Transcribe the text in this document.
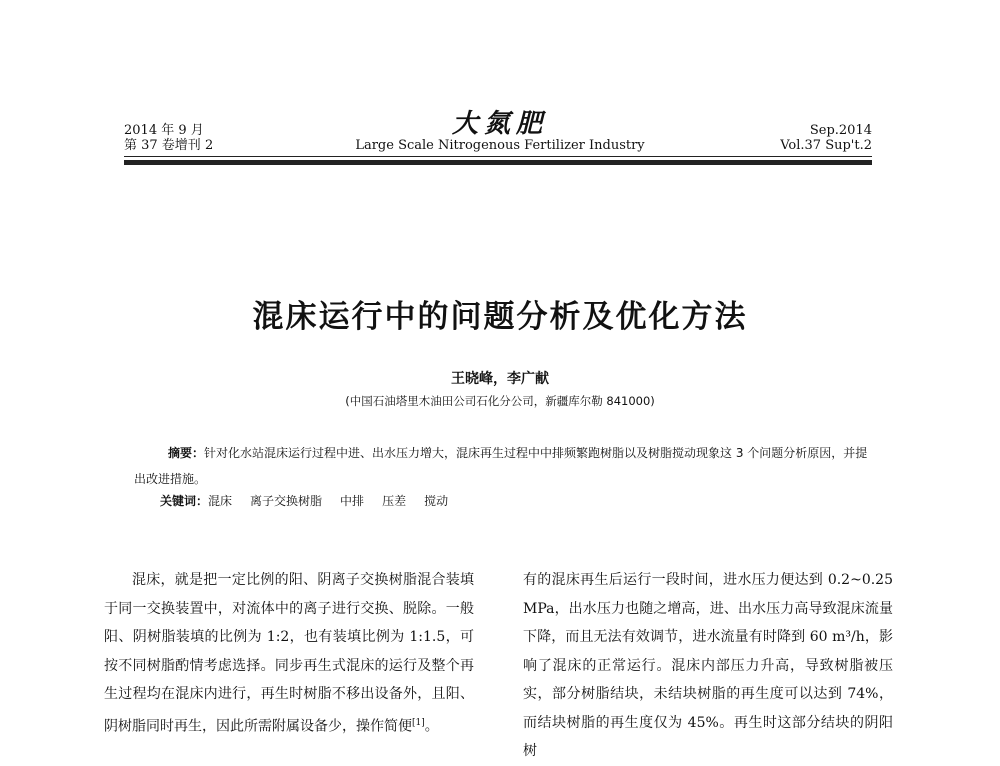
2014 年 9 月
第 37 卷增刊 2
大氮肥
Large Scale Nitrogenous Fertilizer Industry
Sep.2014
Vol.37 Sup't.2
混床运行中的问题分析及优化方法
王晓峰，李广献
(中国石油塔里木油田公司石化分公司，新疆库尔勒 841000)
摘要：针对化水站混床运行过程中进、出水压力增大，混床再生过程中中排频繁跑树脂以及树脂搅动现象这 3 个问题分析原因，并提出改进措施。
关键词：混床 离子交换树脂 中排 压差 搅动
混床，就是把一定比例的阳、阴离子交换树脂混合装填于同一交换装置中，对流体中的离子进行交换、脱除。一般阳、阴树脂装填的比例为 1:2，也有装填比例为 1:1.5，可按不同树脂酌情考虑选择。同步再生式混床的运行及整个再生过程均在混床内进行，再生时树脂不移出设备外，且阳、阴树脂同时再生，因此所需附属设备少，操作简便[1]。
有的混床再生后运行一段时间，进水压力便达到 0.2~0.25 MPa，出水压力也随之增高，进、出水压力高导致混床流量下降，而且无法有效调节，进水流量有时降到 60 m³/h，影响了混床的正常运行。混床内部压力升高，导致树脂被压实，部分树脂结块，未结块树脂的再生度可以达到 74%，而结块树脂的再生度仅为 45%。再生时这部分结块的阴阳树
